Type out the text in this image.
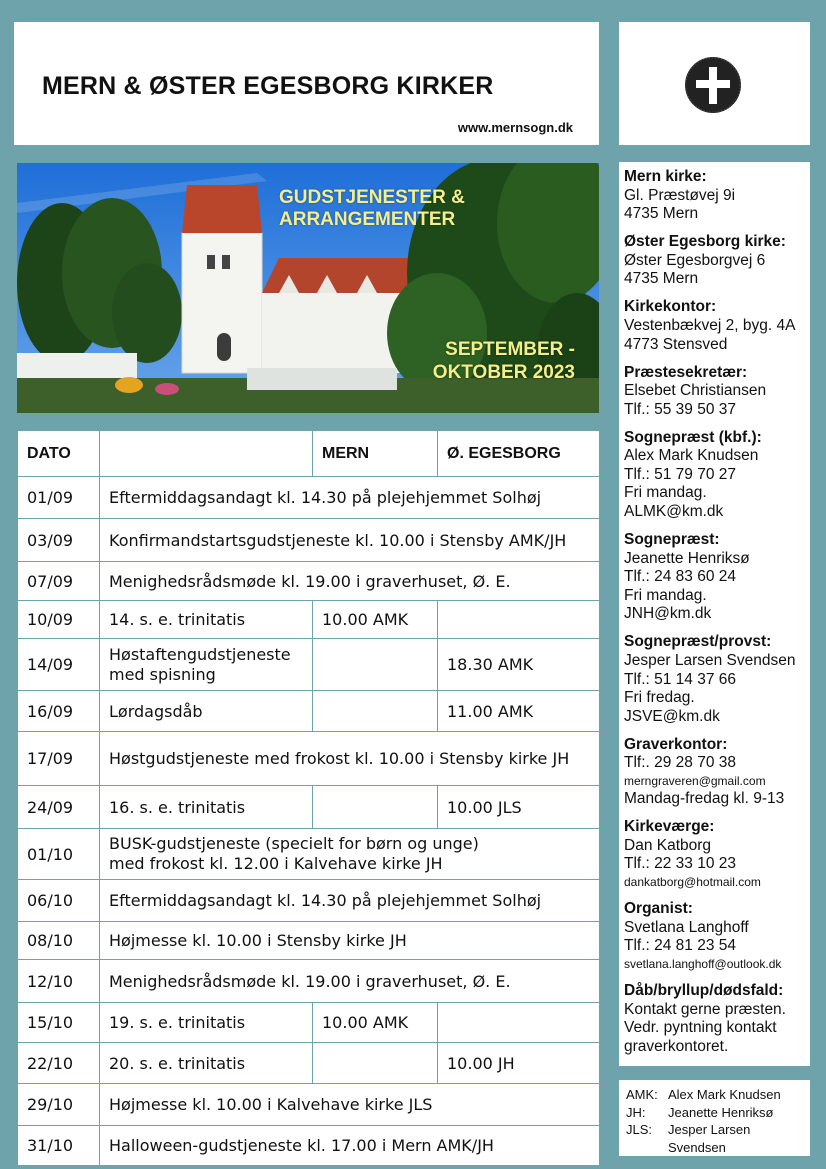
MERN & ØSTER EGESBORG KIRKER
www.mernsogn.dk
GUDSTJENESTER &
ARRANGEMENTER
SEPTEMBER -
OKTOBER 2023
DATO		MERN	Ø. EGESBORG
01/09	Eftermiddagsandagt kl. 14.30 på plejehjemmet Solhøj		
03/09	Konfirmandstartsgudstjeneste kl. 10.00 i Stensby AMK/JH		
07/09	Menighedsrådsmøde kl. 19.00 i graverhuset, Ø. E.		
10/09	14. s. e. trinitatis	10.00 AMK	
14/09	Høstaftengudstjeneste
med spisning		18.30 AMK
16/09	Lørdagsdåb		11.00 AMK
17/09	Høstgudstjeneste med frokost kl. 10.00 i Stensby kirke JH		
24/09	16. s. e. trinitatis		10.00 JLS
01/10	BUSK-gudstjeneste (specielt for børn og unge)
med frokost kl. 12.00 i Kalvehave kirke JH		

06/10	Eftermiddagsandagt kl. 14.30 på plejehjemmet Solhøj		
08/10	Højmesse kl. 10.00 i Stensby kirke JH		
12/10	Menighedsrådsmøde kl. 19.00 i graverhuset, Ø. E.		
15/10	19. s. e. trinitatis	10.00 AMK	
22/10	20. s. e. trinitatis		10.00 JH
29/10	Højmesse kl. 10.00 i Kalvehave kirke JLS		
31/10	Halloween-gudstjeneste kl. 17.00 i Mern AMK/JH		
Mern kirke:
Gl. Præstøvej 9i
4735 Mern
Øster Egesborg kirke:
Øster Egesborgvej 6
4735 Mern
Kirkekontor:
Vestenbækvej 2, byg. 4A
4773 Stensved
Præstesekretær:
Elsebet Christiansen
Tlf.: 55 39 50 37
Sognepræst (kbf.):
Alex Mark Knudsen
Tlf.: 51 79 70 27
Fri mandag.
ALMK@km.dk
Sognepræst:
Jeanette Henriksø
Tlf.: 24 83 60 24
Fri mandag.
JNH@km.dk
Sognepræst/provst:
Jesper Larsen Svendsen
Tlf.: 51 14 37 66
Fri fredag.
JSVE@km.dk
Graverkontor:
Tlf:. 29 28 70 38
merngraveren@gmail.com
Mandag-fredag kl. 9-13
Kirkeværge:
Dan Katborg
Tlf.: 22 33 10 23
dankatborg@hotmail.com
Organist:
Svetlana Langhoff
Tlf.: 24 81 23 54
svetlana.langhoff@outlook.dk
Dåb/bryllup/dødsfald:
Kontakt gerne præsten.
Vedr. pyntning kontakt
graverkontoret.
AMK: Alex Mark Knudsen
JH:	Jeanette Henriksø
JLS:	Jesper Larsen
Svendsen
